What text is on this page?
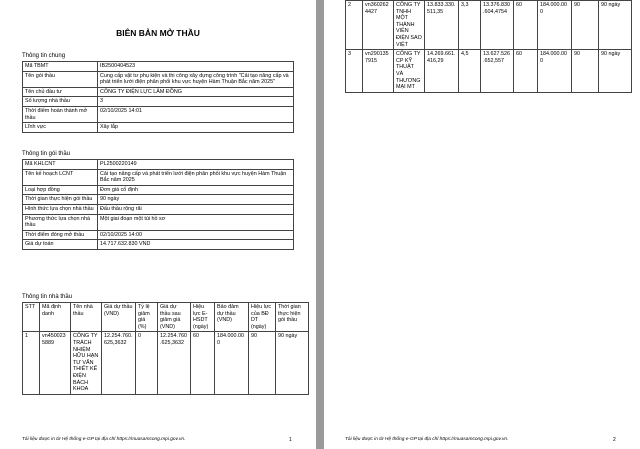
BIÊN BẢN MỞ THẦU
Thông tin chung
Mã TBMT	IB2500404523
Tên gói thầu	Cung cấp vật tư phụ kiện và thi công xây dựng công trình "Cải tạo nâng cấp và phát triển lưới điện phân phối khu vực huyện Hàm Thuận Bắc năm 2025"
Tên chủ đầu tư	CÔNG TY ĐIỆN LỰC LÂM ĐỒNG
Số lượng nhà thầu	3
Thời điểm hoàn thành mở thầu	02/10/2025 14:01
Lĩnh vực	Xây lắp
Thông tin gói thầu
Mã KHLCNT	PL2500220149
Tên kế hoạch LCNT	Cải tạo nâng cấp và phát triển lưới điện phân phối khu vực huyện Hàm Thuận Bắc năm 2025
Loại hợp đồng	Đơn giá cố định
Thời gian thực hiện gói thầu	90 ngày
Hình thức lựa chọn nhà thầu	Đấu thầu rộng rãi
Phương thức lựa chọn nhà thầu	Một giai đoạn một túi hồ sơ
Thời điểm đóng mở thầu	02/10/2025 14:00
Giá dự toán	14.717.632.830 VND
Thông tin nhà thầu
STT	Mã định danh	Tên nhà thầu	Giá dự thầu (VND)	Tỷ lệ giảm giá (%)	Giá dự thầu sau giảm giá (VND)	Hiệu lực E-HSDT (ngày)	Bảo đảm dự thầu (VND)	Hiệu lực của BĐ DT (ngày)	Thời gian thực hiện gói thầu
1	vn4500235889	CÔNG TY TRÁCH NHIỆM HỮU HẠN TƯ VẤN THIẾT KẾ ĐIỆN BÁCH KHOA	12.254.760.625,3632	0	12.254.760.625,3632	60	184.000.000	90	90 ngày
Tài liệu được in từ Hệ thống e-GP tại địa chỉ https://muasamcong.mpi.gov.vn.	1
2	vn3602624427	CÔNG TY TNHH MỘT THÀNH VIÊN ĐIỆN SAO VIỆT	13.833.330.511,35	3,3	13.376.830.604,4754	60	184.000.000	90	90 ngày
3	vn2901357915	CÔNG TY CP KỸ THUẬT VÀ THƯƠNG MẠI MT	14.269.661.416,29	4,5	13.627.526.652,557	60	184.000.000	90	90 ngày
Tài liệu được in từ Hệ thống e-GP tại địa chỉ https://muasamcong.mpi.gov.vn.	2
